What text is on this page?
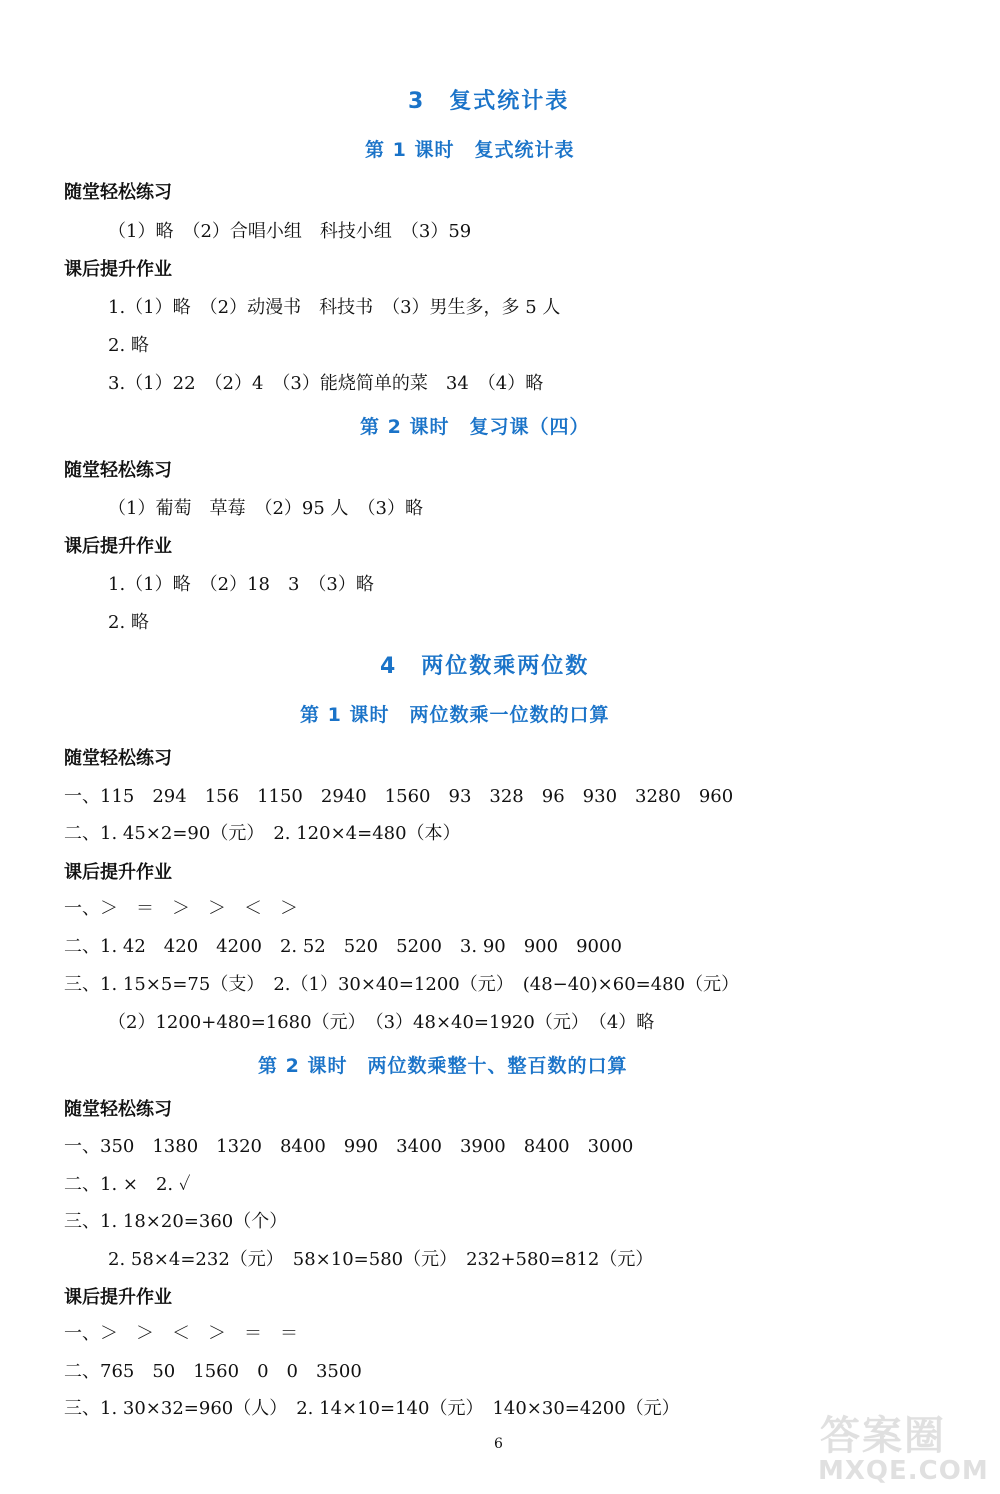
3　复式统计表
第 1 课时　复式统计表
随堂轻松练习
（1）略　（2）合唱小组　科技小组　（3）59
课后提升作业
1.（1）略　（2）动漫书　科技书　（3）男生多，多 5 人
2. 略
3.（1）22　（2）4　（3）能烧简单的菜　34　（4）略
第 2 课时　复习课（四）
随堂轻松练习
（1）葡萄　草莓　（2）95 人　（3）略
课后提升作业
1.（1）略　（2）18　3　（3）略
2. 略
4　两位数乘两位数
第 1 课时　两位数乘一位数的口算
随堂轻松练习
一、115　294　156　1150　2940　1560　93　328　96　930　3280　960
二、1. 45×2=90（元）　2. 120×4=480（本）
课后提升作业
一、＞　＝　＞　＞　＜　＞
二、1. 42　420　4200　2. 52　520　5200　3. 90　900　9000
三、1. 15×5=75（支）　2.（1）30×40=1200（元）　(48−40)×60=480（元）
（2）1200+480=1680（元）　（3）48×40=1920（元）　（4）略
第 2 课时　两位数乘整十、整百数的口算
随堂轻松练习
一、350　1380　1320　8400　990　3400　3900　8400　3000
二、1. ×　2. ✓
三、1. 18×20=360（个）
2. 58×4=232（元）　58×10=580（元）　232+580=812（元）
课后提升作业
一、＞　＞　＜　＞　＝　＝
二、765　50　1560　0　0　3500
三、1. 30×32=960（人）　2. 14×10=140（元）　140×30=4200（元）
6	答案圈
MXQE.COM
